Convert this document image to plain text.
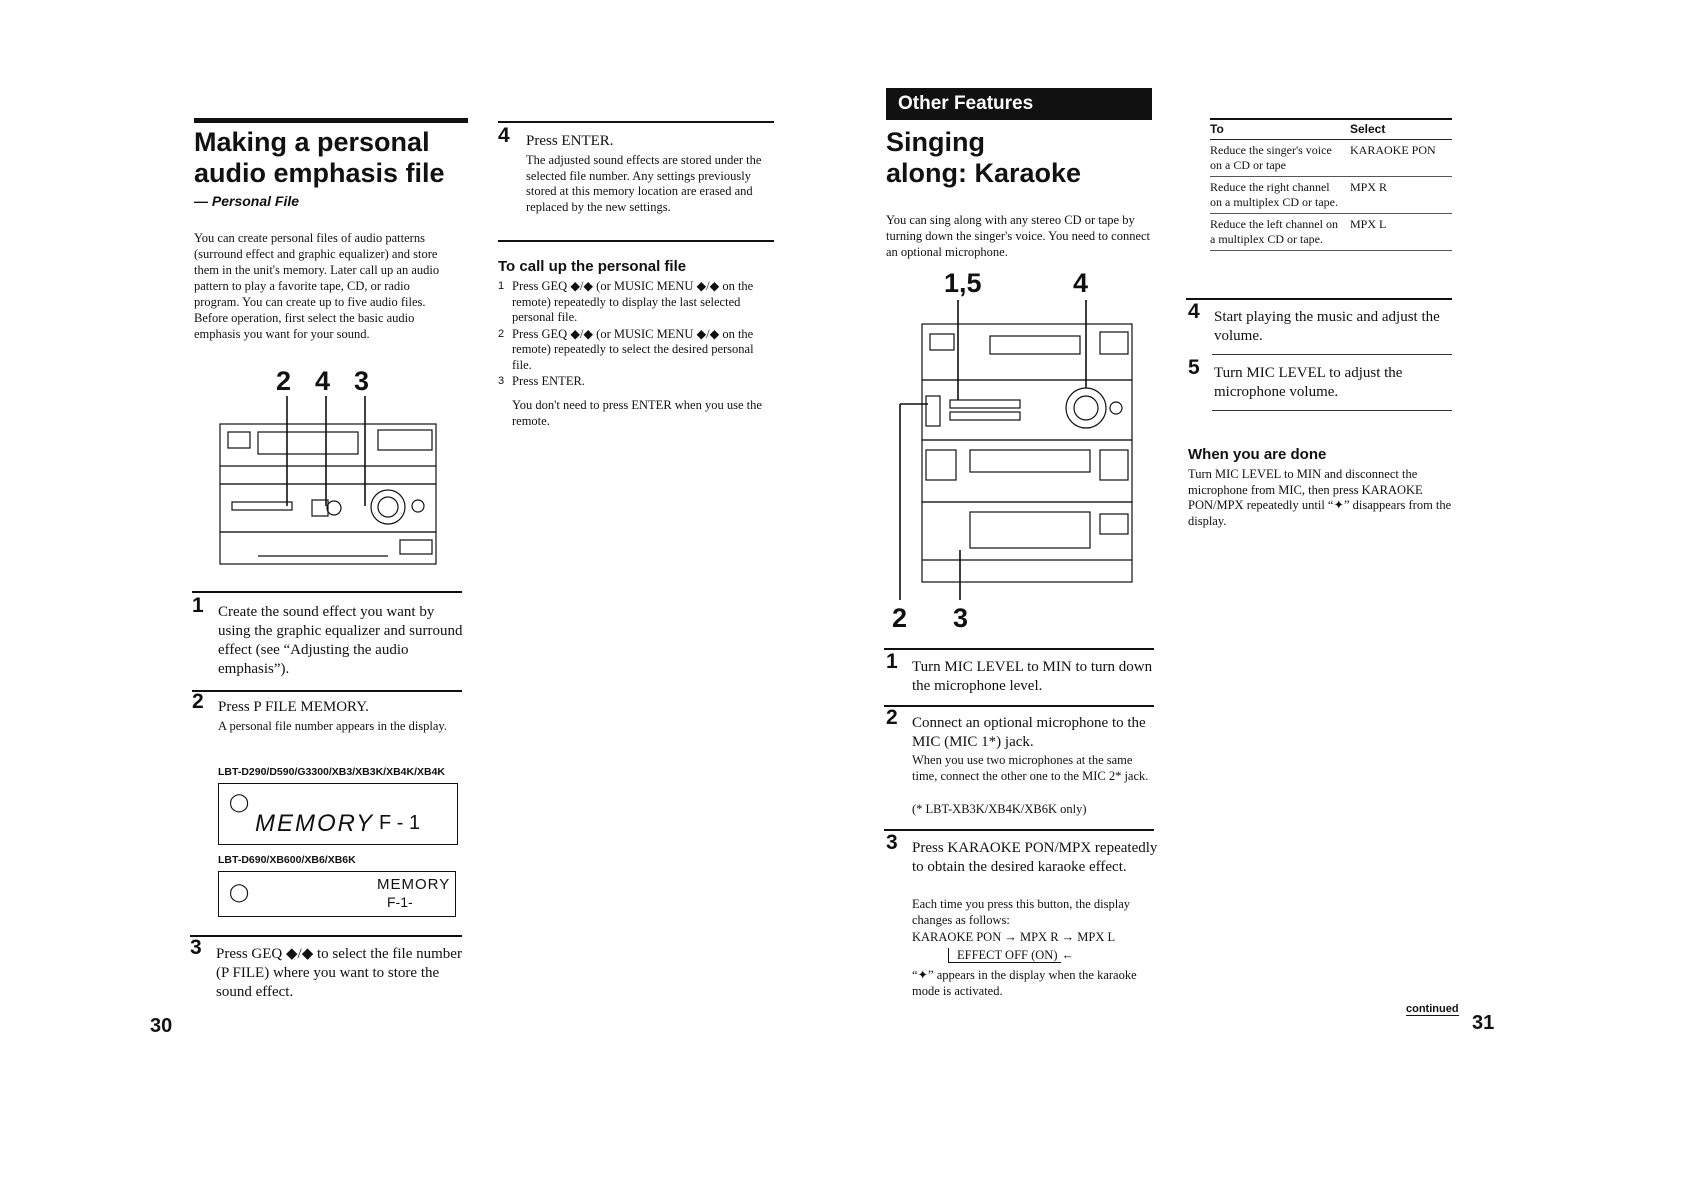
Making a personal
audio emphasis file
— Personal File
You can create personal files of audio patterns (surround effect and graphic equalizer) and store them in the unit's memory. Later call up an audio pattern to play a favorite tape, CD, or radio program. You can create up to five audio files. Before operation, first select the basic audio emphasis you want for your sound.
2 4 3
1 Create the sound effect you want by using the graphic equalizer and surround effect (see “Adjusting the audio emphasis”).
2 Press P FILE MEMORY.
A personal file number appears in the display.
LBT-D290/D590/G3300/XB3/XB3K/XB4K/XB4K
MEMORY F - 1
◯
LBT-D690/XB600/XB6/XB6K
MEMORY
F-1-
◯
3 Press GEQ ◆/◆ to select the file number (P FILE) where you want to store the sound effect.
30
4 Press ENTER.
The adjusted sound effects are stored under the selected file number. Any settings previously stored at this memory location are erased and replaced by the new settings.
To call up the personal file
1 Press GEQ ◆/◆ (or MUSIC MENU ◆/◆ on the remote) repeatedly to display the last selected personal file.
2 Press GEQ ◆/◆ (or MUSIC MENU ◆/◆ on the remote) repeatedly to select the desired personal file.
3 Press ENTER.
You don't need to press ENTER when you use the remote.
Other Features
Singing
along: Karaoke
You can sing along with any stereo CD or tape by turning down the singer's voice. You need to connect an optional microphone.
1,5	4
2 3
1 Turn MIC LEVEL to MIN to turn down the microphone level.
2 Connect an optional microphone to the MIC (MIC 1*) jack.
When you use two microphones at the same time, connect the other one to the MIC 2* jack.
(* LBT-XB3K/XB4K/XB6K only)
3 Press KARAOKE PON/MPX repeatedly to obtain the desired karaoke effect.
Each time you press this button, the display changes as follows:
KARAOKE PON → MPX R → MPX L
EFFECT OFF (ON) ←
“✦” appears in the display when the karaoke mode is activated.
To	Select
Reduce the singer's voice on a CD or tape	KARAOKE PON
Reduce the right channel on a multiplex CD or tape.	MPX R
Reduce the left channel on a multiplex CD or tape.	MPX L
4 Start playing the music and adjust the volume.
5 Turn MIC LEVEL to adjust the microphone volume.
When you are done
Turn MIC LEVEL to MIN and disconnect the microphone from MIC, then press KARAOKE PON/MPX repeatedly until “✦” disappears from the display.
continued
31
